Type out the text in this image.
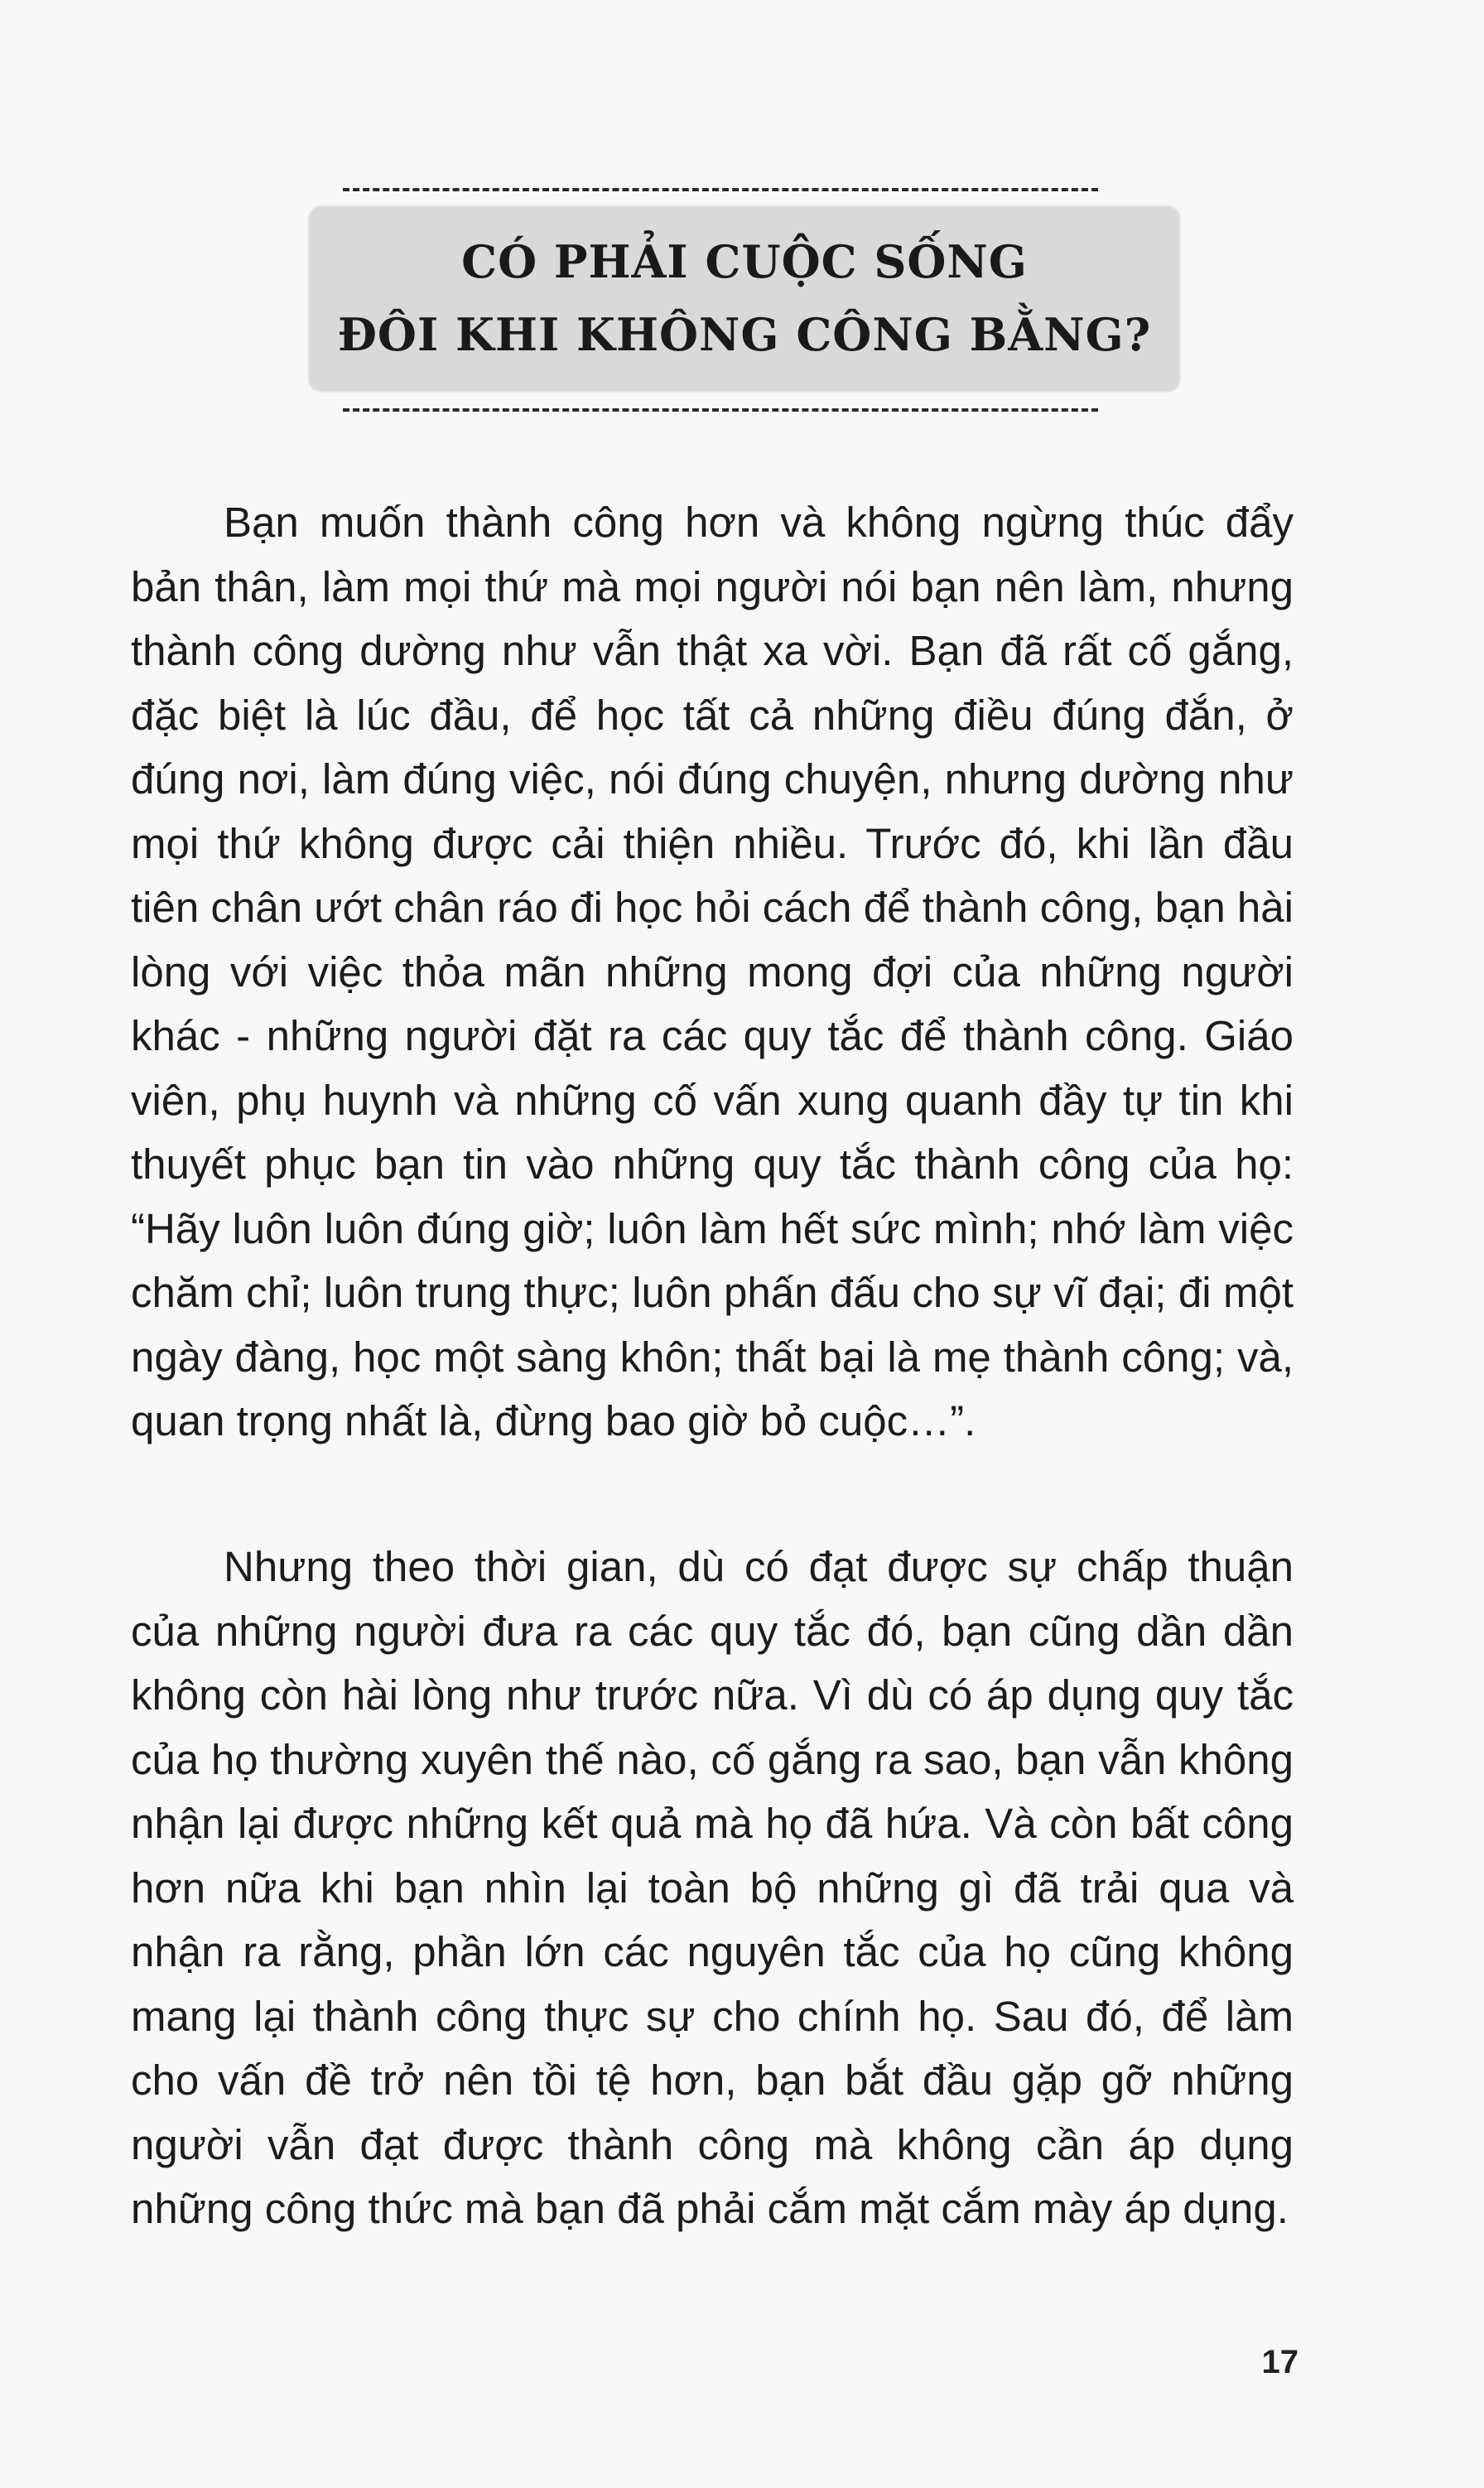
CÓ PHẢI CUỘC SỐNG
ĐÔI KHI KHÔNG CÔNG BẰNG?

Bạn muốn thành công hơn và không ngừng thúc đẩy bản thân, làm mọi thứ mà mọi người nói bạn nên làm, nhưng thành công dường như vẫn thật xa vời. Bạn đã rất cố gắng, đặc biệt là lúc đầu, để học tất cả những điều đúng đắn, ở đúng nơi, làm đúng việc, nói đúng chuyện, nhưng dường như mọi thứ không được cải thiện nhiều. Trước đó, khi lần đầu tiên chân ướt chân ráo đi học hỏi cách để thành công, bạn hài lòng với việc thỏa mãn những mong đợi của những người khác - những người đặt ra các quy tắc để thành công. Giáo viên, phụ huynh và những cố vấn xung quanh đầy tự tin khi thuyết phục bạn tin vào những quy tắc thành công của họ: “Hãy luôn luôn đúng giờ; luôn làm hết sức mình; nhớ làm việc chăm chỉ; luôn trung thực; luôn phấn đấu cho sự vĩ đại; đi một ngày đàng, học một sàng khôn; thất bại là mẹ thành công; và, quan trọng nhất là, đừng bao giờ bỏ cuộc…”.

Nhưng theo thời gian, dù có đạt được sự chấp thuận của những người đưa ra các quy tắc đó, bạn cũng dần dần không còn hài lòng như trước nữa. Vì dù có áp dụng quy tắc của họ thường xuyên thế nào, cố gắng ra sao, bạn vẫn không nhận lại được những kết quả mà họ đã hứa. Và còn bất công hơn nữa khi bạn nhìn lại toàn bộ những gì đã trải qua và nhận ra rằng, phần lớn các nguyên tắc của họ cũng không mang lại thành công thực sự cho chính họ. Sau đó, để làm cho vấn đề trở nên tồi tệ hơn, bạn bắt đầu gặp gỡ những người vẫn đạt được thành công mà không cần áp dụng những công thức mà bạn đã phải cắm mặt cắm mày áp dụng.

17
